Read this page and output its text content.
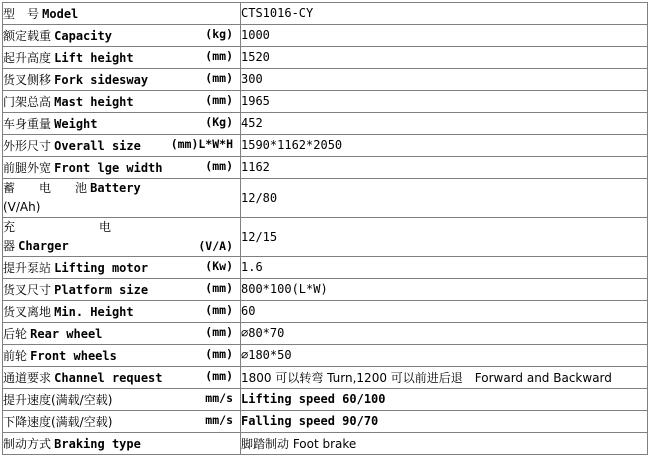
型　号 Model	CTS1016-CY
额定载重 Capacity (kg)	1000
起升高度 Lift height (mm)	1520
货叉侧移 Fork sidesway (mm)	300
门架总高 Mast height (mm)	1965
车身重量 Weight (Kg)	452
外形尺寸 Overall size (mm)L*W*H	1590*1162*2050
前腿外宽 Front lge width (mm)	1162

蓄　　电　　池 Battery
(V/Ah)	12/80

充　　　　　　　电
器 Charger (V/A)	12/15
提升泵站 Lifting motor (Kw)	1.6
货叉尺寸 Platform size (mm)	800*100(L*W)
货叉离地 Min. Height (mm)	60
后轮 Rear wheel (mm)	∅80*70
前轮 Front wheels (mm)	∅180*50
通道要求 Channel request (mm)	1800 可以转弯 Turn,1200 可以前进后退　Forward and Backward
提升速度(满载/空载) mm/s	Lifting speed 60/100
下降速度(满载/空载) mm/s	Falling speed 90/70
制动方式 Braking type	脚踏制动 Foot brake
